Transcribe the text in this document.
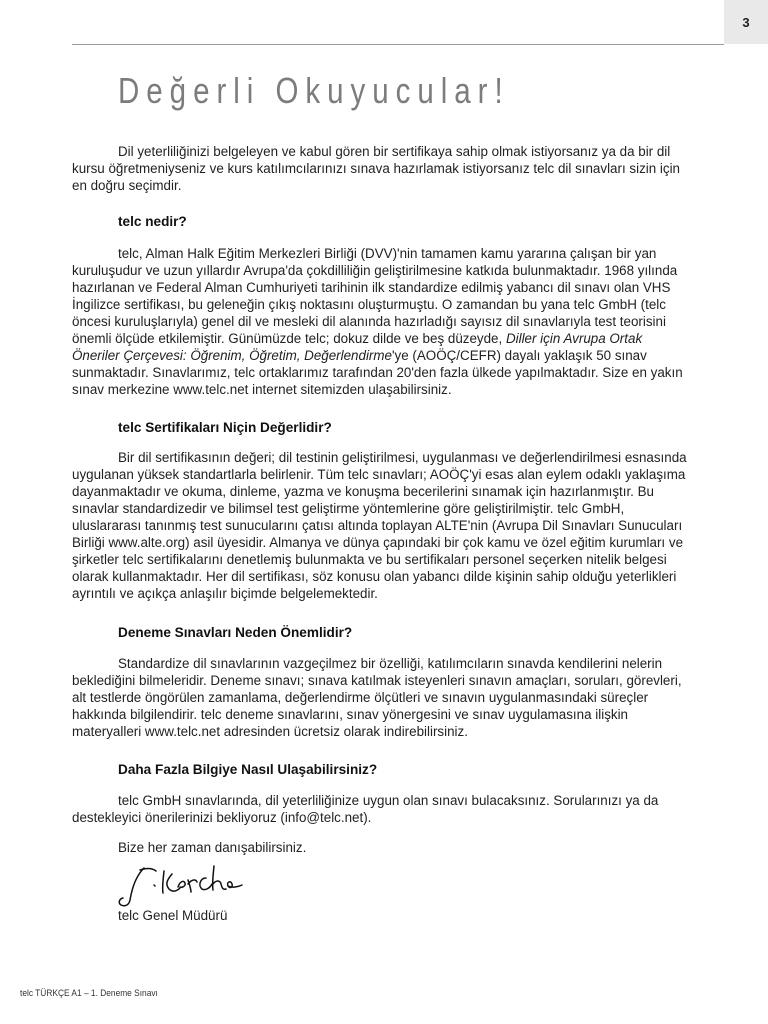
3
Değerli Okuyucular!

Dil yeterliliğinizi belgeleyen ve kabul gören bir sertifikaya sahip olmak istiyorsanız ya da bir dil kursu öğretmeniyseniz ve kurs katılımcılarınızı sınava hazırlamak istiyorsanız telc dil sınavları sizin için en doğru seçimdir.

telc nedir?

telc, Alman Halk Eğitim Merkezleri Birliği (DVV)'nin tamamen kamu yararına çalışan bir yan kuruluşudur ve uzun yıllardır Avrupa'da çokdilliliğin geliştirilmesine katkıda bulunmaktadır. 1968 yılında hazırlanan ve Federal Alman Cumhuriyeti tarihinin ilk standardize edilmiş yabancı dil sınavı olan VHS İngilizce sertifikası, bu geleneğin çıkış noktasını oluşturmuştu. O zamandan bu yana telc GmbH (telc öncesi kuruluşlarıyla) genel dil ve mesleki dil alanında hazırladığı sayısız dil sınavlarıyla test teorisini önemli ölçüde etkilemiştir. Günümüzde telc; dokuz dilde ve beş düzeyde, Diller için Avrupa Ortak Öneriler Çerçevesi: Öğrenim, Öğretim, Değerlendirme'ye (AOÖÇ/CEFR) dayalı yaklaşık 50 sınav sunmaktadır. Sınavlarımız, telc ortaklarımız tarafından 20'den fazla ülkede yapılmaktadır. Size en yakın sınav merkezine www.telc.net internet sitemizden ulaşabilirsiniz.

telc Sertifikaları Niçin Değerlidir?

Bir dil sertifikasının değeri; dil testinin geliştirilmesi, uygulanması ve değerlendirilmesi esnasında uygulanan yüksek standartlarla belirlenir. Tüm telc sınavları; AOÖÇ'yi esas alan eylem odaklı yaklaşıma dayanmaktadır ve okuma, dinleme, yazma ve konuşma becerilerini sınamak için hazırlanmıştır. Bu sınavlar standardizedir ve bilimsel test geliştirme yöntemlerine göre geliştirilmiştir. telc GmbH, uluslararası tanınmış test sunucularını çatısı altında toplayan ALTE'nin (Avrupa Dil Sınavları Sunucuları Birliği www.alte.org) asil üyesidir. Almanya ve dünya çapındaki bir çok kamu ve özel eğitim kurumları ve şirketler telc sertifikalarını denetlemiş bulunmakta ve bu sertifikaları personel seçerken nitelik belgesi olarak kullanmaktadır. Her dil sertifikası, söz konusu olan yabancı dilde kişinin sahip olduğu yeterlikleri ayrıntılı ve açıkça anlaşılır biçimde belgelemektedir.

Deneme Sınavları Neden Önemlidir?

Standardize dil sınavlarının vazgeçilmez bir özelliği, katılımcıların sınavda kendilerini nelerin beklediğini bilmeleridir. Deneme sınavı; sınava katılmak isteyenleri sınavın amaçları, soruları, görevleri, alt testlerde öngörülen zamanlama, değerlendirme ölçütleri ve sınavın uygulanmasındaki süreçler hakkında bilgilendirir. telc deneme sınavlarını, sınav yönergesini ve sınav uygulamasına ilişkin materyalleri www.telc.net adresinden ücretsiz olarak indirebilirsiniz.

Daha Fazla Bilgiye Nasıl Ulaşabilirsiniz?

telc GmbH sınavlarında, dil yeterliliğinize uygun olan sınavı bulacaksınız. Sorularınızı ya da destekleyici önerilerinizi bekliyoruz (info@telc.net).

Bize her zaman danışabilirsiniz.

telc Genel Müdürü

telc TÜRKÇE A1 – 1. Deneme Sınavı
